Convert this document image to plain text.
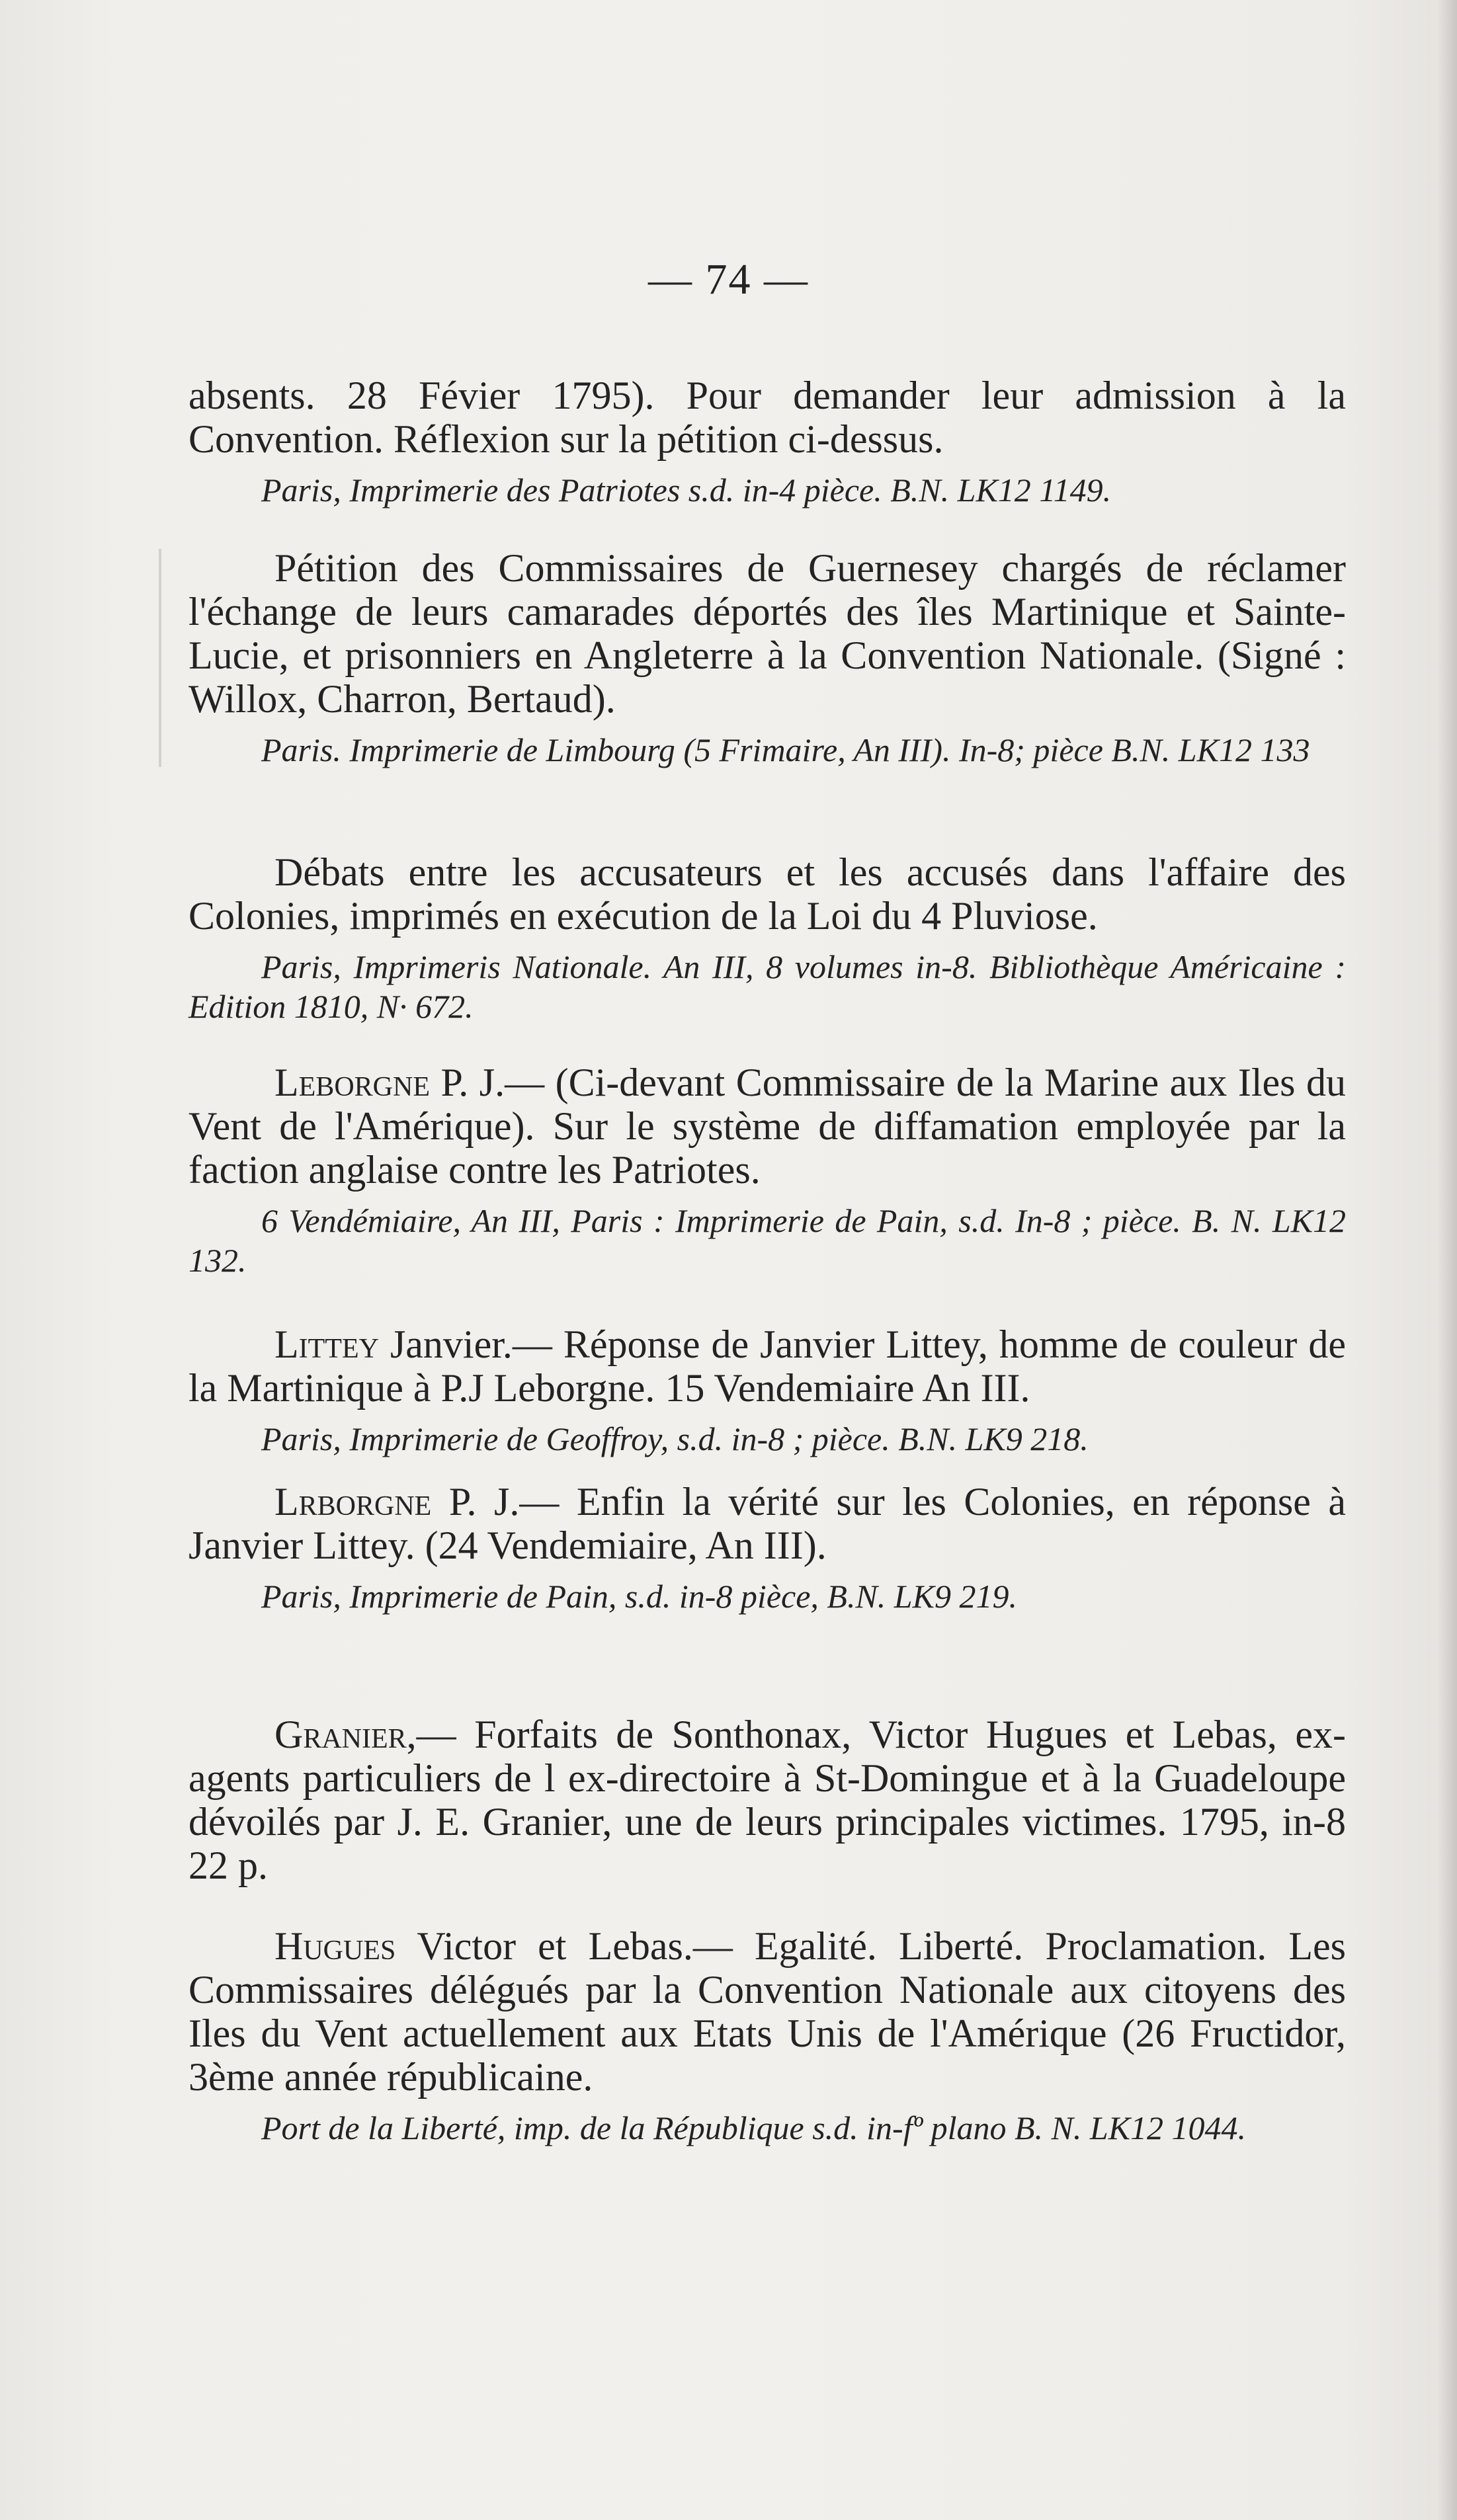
— 74 —

absents. 28 Févier 1795). Pour demander leur admission à la Convention. Réflexion sur la pétition ci-dessus.

Paris, Imprimerie des Patriotes s.d. in-4 pièce. B.N. LK12 1149.

Pétition des Commissaires de Guernesey chargés de réclamer l'échange de leurs camarades déportés des îles Martinique et Sainte-Lucie, et prisonniers en Angleterre à la Convention Nationale. (Signé : Willox, Charron, Bertaud).

Paris. Imprimerie de Limbourg (5 Frimaire, An III). In-8; pièce B.N. LK12 133

Débats entre les accusateurs et les accusés dans l'affaire des Colonies, imprimés en exécution de la Loi du 4 Pluviose.

Paris, Imprimeris Nationale. An III, 8 volumes in-8. Bibliothèque Américaine : Edition 1810, N· 672.

Leborgne P. J.— (Ci-devant Commissaire de la Marine aux Iles du Vent de l'Amérique). Sur le système de diffamation employée par la faction anglaise contre les Patriotes.

6 Vendémiaire, An III, Paris : Imprimerie de Pain, s.d. In-8 ; pièce. B. N. LK12 132.

Littey Janvier.— Réponse de Janvier Littey, homme de couleur de la Martinique à P.J Leborgne. 15 Vendemiaire An III.

Paris, Imprimerie de Geoffroy, s.d. in-8 ; pièce. B.N. LK9 218.

Lrborgne P. J.— Enfin la vérité sur les Colonies, en réponse à Janvier Littey. (24 Vendemiaire, An III).

Paris, Imprimerie de Pain, s.d. in-8 pièce, B.N. LK9 219.

Granier,— Forfaits de Sonthonax, Victor Hugues et Lebas, ex-agents particuliers de l ex-directoire à St-Domingue et à la Guadeloupe dévoilés par J. E. Granier, une de leurs principales victimes. 1795, in-8 22 p.

Hugues Victor et Lebas.— Egalité. Liberté. Proclamation. Les Commissaires délégués par la Convention Nationale aux citoyens des Iles du Vent actuellement aux Etats Unis de l'Amérique (26 Fructidor, 3ème année républicaine.

Port de la Liberté, imp. de la République s.d. in-fº plano B. N. LK12 1044.
